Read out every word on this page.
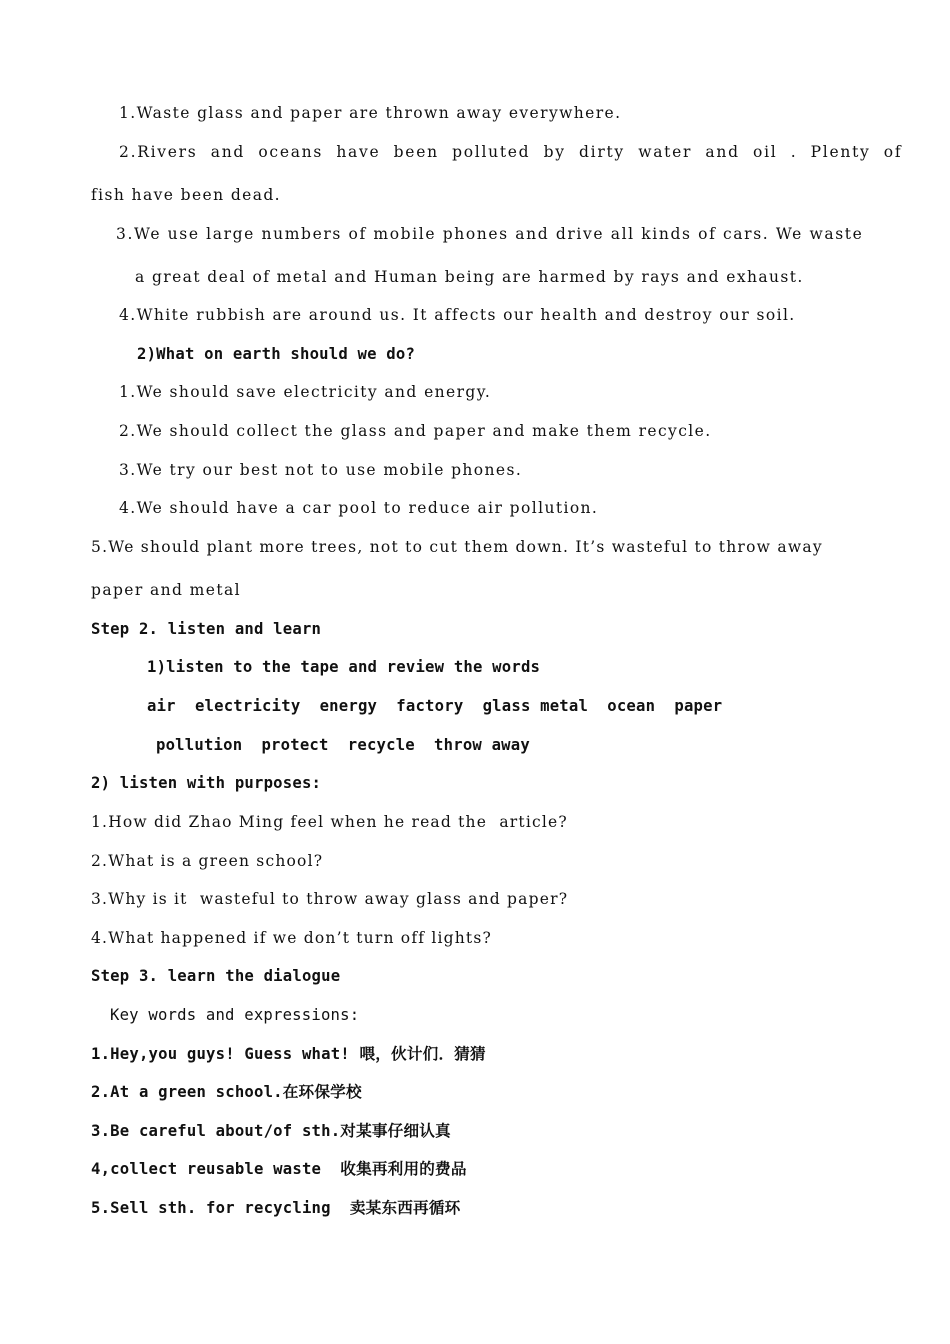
1.Waste glass and paper are thrown away everywhere.
2.Rivers  and  oceans  have  been  polluted  by  dirty  water  and  oil  .  Plenty  of
fish have been dead.
3.We use large numbers of mobile phones and drive all kinds of cars. We waste
a great deal of metal and Human being are harmed by rays and exhaust.
4.White rubbish are around us. It affects our health and destroy our soil.
2)What on earth should we do?
1.We should save electricity and energy.
2.We should collect the glass and paper and make them recycle.
3.We try our best not to use mobile phones.
4.We should have a car pool to reduce air pollution.
5.We should plant more trees, not to cut them down. It’s wasteful to throw away
paper and metal
Step 2. listen and learn
1)listen to the tape and review the words
air  electricity  energy  factory  glass metal  ocean  paper
pollution  protect  recycle  throw away
2) listen with purposes:
1.How did Zhao Ming feel when he read the  article?
2.What is a green school?
3.Why is it  wasteful to throw away glass and paper?
4.What happened if we don’t turn off lights?
Step 3. learn the dialogue
Key words and expressions:
1.Hey,you guys! Guess what! 喂，伙计们．猜猜
2.At a green school.在环保学校
3.Be careful about/of sth.对某事仔细认真
4,collect reusable waste  收集再利用的费品
5.Sell sth. for recycling  卖某东西再循环
